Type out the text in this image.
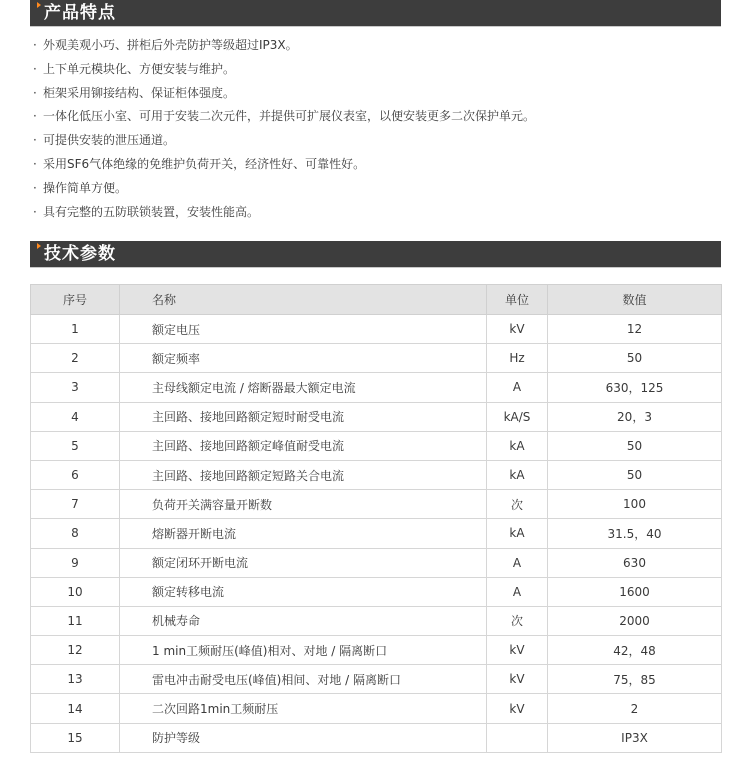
产品特点
· 外观美观小巧、拼柜后外壳防护等级超过IP3X。
· 上下单元模块化、方便安装与维护。
· 柜架采用铆接结构、保证柜体强度。
· 一体化低压小室、可用于安装二次元件，并提供可扩展仪表室，以便安装更多二次保护单元。
· 可提供安装的泄压通道。
· 采用SF6气体绝缘的免维护负荷开关，经济性好、可靠性好。
· 操作简单方便。
· 具有完整的五防联锁装置，安装性能高。
技术参数
序号	名称	单位	数值
1	额定电压	kV	12
2	额定频率	Hz	50
3	主母线额定电流 / 熔断器最大额定电流	A	630，125
4	主回路、接地回路额定短时耐受电流	kA/S	20，3
5	主回路、接地回路额定峰值耐受电流	kA	50
6	主回路、接地回路额定短路关合电流	kA	50
7	负荷开关满容量开断数	次	100
8	熔断器开断电流	kA	31.5，40
9	额定闭环开断电流	A	630
10	额定转移电流	A	1600
11	机械寿命	次	2000
12	1 min工频耐压(峰值)相对、对地 / 隔离断口	kV	42，48
13	雷电冲击耐受电压(峰值)相间、对地 / 隔离断口	kV	75，85
14	二次回路1min工频耐压	kV	2
15	防护等级		IP3X
